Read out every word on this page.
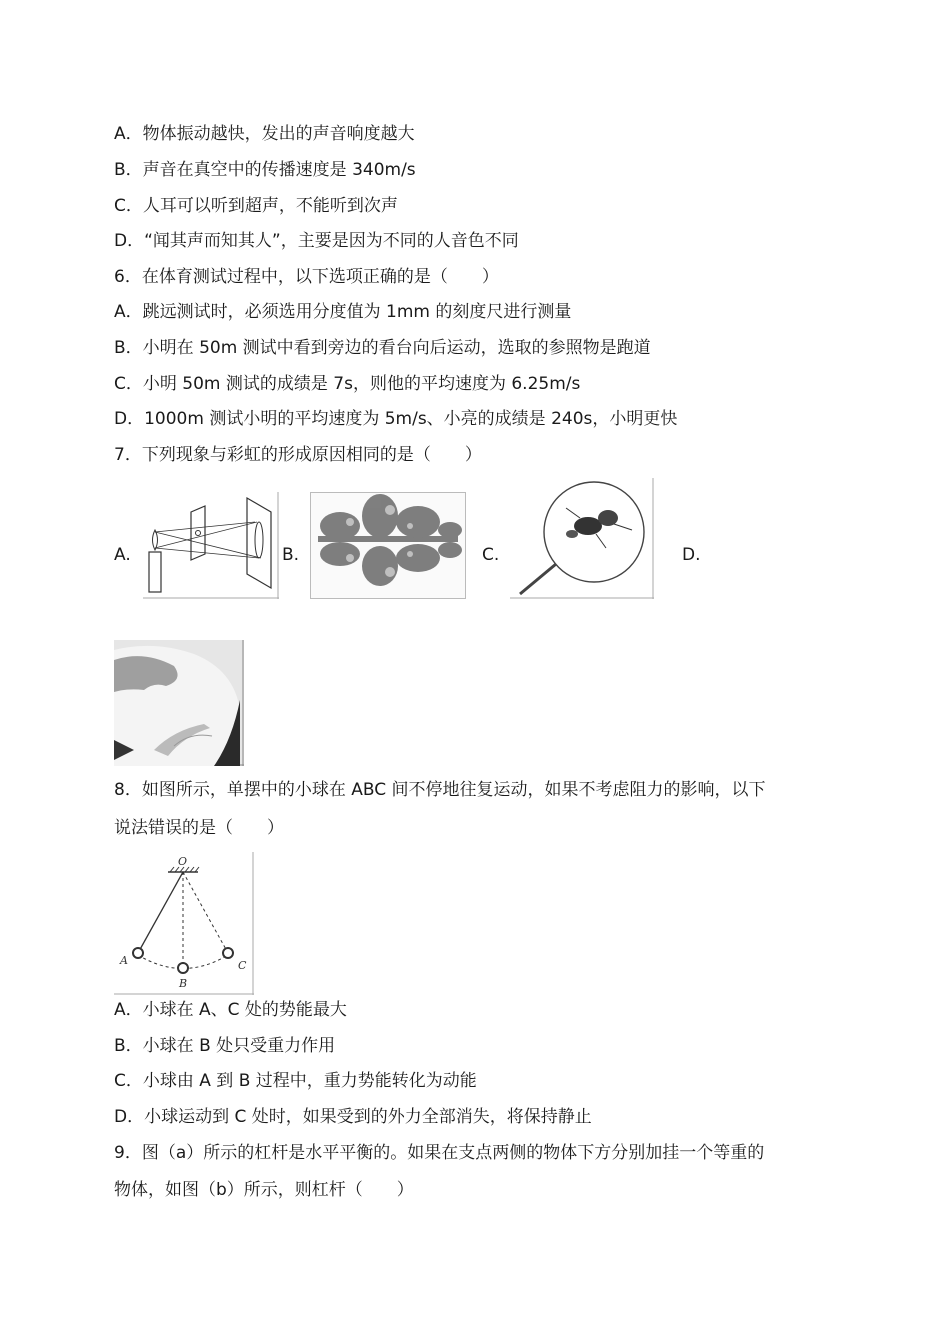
A．物体振动越快，发出的声音响度越大
B．声音在真空中的传播速度是 340m/s
C．人耳可以听到超声，不能听到次声
D．“闻其声而知其人”，主要是因为不同的人音色不同
6．在体育测试过程中，以下选项正确的是（　　）
A．跳远测试时，必须选用分度值为 1mm 的刻度尺进行测量
B．小明在 50m 测试中看到旁边的看台向后运动，选取的参照物是跑道
C．小明 50m 测试的成绩是 7s，则他的平均速度为 6.25m/s
D．1000m 测试小明的平均速度为 5m/s、小亮的成绩是 240s，小明更快
7．下列现象与彩虹的形成原因相同的是（　　）
A.	B.	C.	D.
8．如图所示，单摆中的小球在 ABC 间不停地往复运动，如果不考虑阻力的影响，以下
说法错误的是（　　）
O
A
B
C
A．小球在 A、C 处的势能最大
B．小球在 B 处只受重力作用
C．小球由 A 到 B 过程中，重力势能转化为动能
D．小球运动到 C 处时，如果受到的外力全部消失，将保持静止
9．图（a）所示的杠杆是水平平衡的。如果在支点两侧的物体下方分别加挂一个等重的
物体，如图（b）所示，则杠杆（　　）
